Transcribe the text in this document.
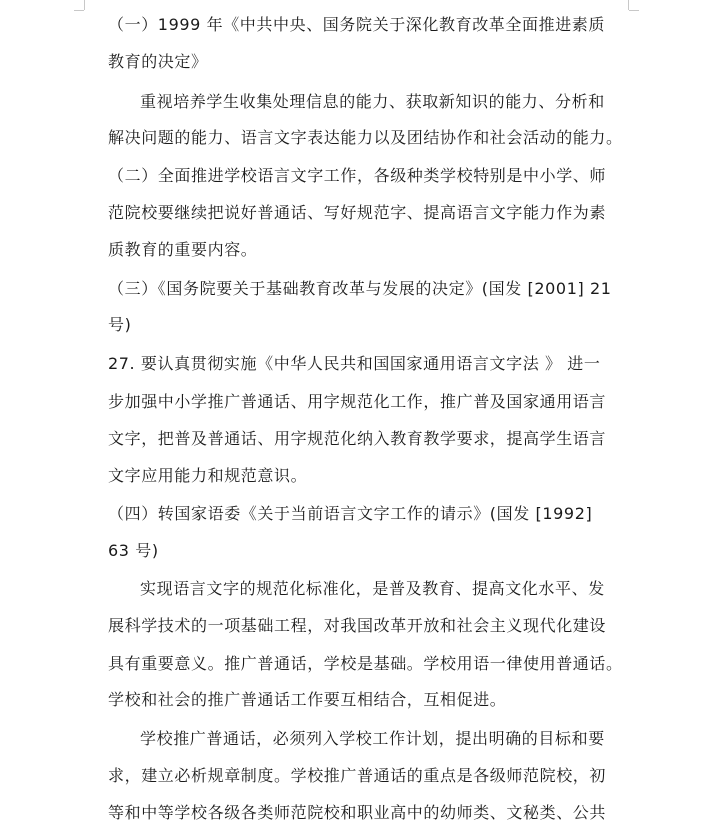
（一）1999 年《中共中央、国务院关于深化教育改革全面推进素质
教育的决定》
重视培养学生收集处理信息的能力、获取新知识的能力、分析和
解决问题的能力、语言文字表达能力以及团结协作和社会活动的能力。
（二）全面推进学校语言文字工作，各级种类学校特别是中小学、师
范院校要继续把说好普通话、写好规范字、提高语言文字能力作为素
质教育的重要内容。
（三）《国务院要关于基础教育改革与发展的决定》(国发 [2001] 21
号)
27. 要认真贯彻实施《中华人民共和国国家通用语言文字法 》 进一
步加强中小学推广普通话、用字规范化工作，推广普及国家通用语言
文字，把普及普通话、用字规范化纳入教育教学要求，提高学生语言
文字应用能力和规范意识。
（四）转国家语委《关于当前语言文字工作的请示》(国发 [1992]
63 号)
实现语言文字的规范化标准化，是普及教育、提高文化水平、发
展科学技术的一项基础工程，对我国改革开放和社会主义现代化建设
具有重要意义。推广普通话，学校是基础。学校用语一律使用普通话。
学校和社会的推广普通话工作要互相结合，互相促进。
学校推广普通话，必须列入学校工作计划，提出明确的目标和要
求，建立必析规章制度。学校推广普通话的重点是各级师范院校，初
等和中等学校各级各类师范院校和职业高中的幼师类、文秘类、公共
